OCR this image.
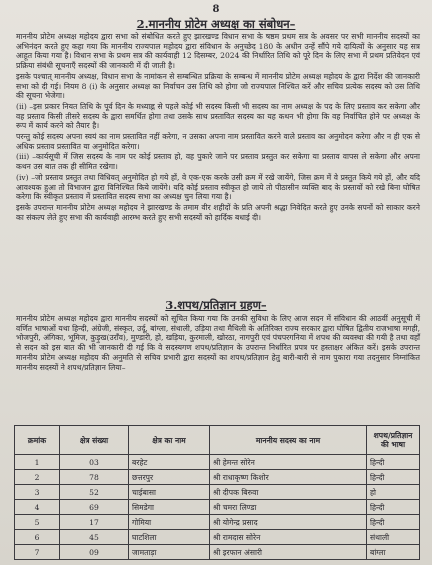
8
2.माननीय प्रोटेम अध्यक्ष का संबोधन–

माननीय प्रोटेम अध्यक्ष महोदय द्वारा सभा को संबोधित करते हुए झारखण्ड विधान सभा के षष्ठम प्रथम सत्र के अवसर पर सभी माननीय सदस्यों का अभिनंदन करते हुए कहा गया कि माननीय राज्यपाल महोदय द्वारा संविधान के अनुच्छेद 180 के अधीन उन्हें सौंपे गये दायित्वों के अनुसार यह सत्र आहूत किया गया है। विधान सभा के प्रथम सत्र की कार्यवाही 12 दिसम्बर, 2024 की निर्धारित तिथि को पूरे दिन के लिए सभा में प्रथम प्रतिवेदन एवं प्रक्रिया संबंधी सूचनाएँ सदस्यों की जानकारी में दी जाती है।

इसके पश्चात् माननीय अध्यक्ष, विधान सभा के नामांकन से सम्बन्धित प्रक्रिया के सम्बन्ध में माननीय प्रोटेम अध्यक्ष महोदय के द्वारा निर्देश की जानकारी सभा को दी गई। नियम 8 (i) के अनुसार अध्यक्ष का निर्वाचन उस तिथि को होगा जो राज्यपाल निश्चित करें और सचिव प्रत्येक सदस्य को उस तिथि की सूचना भेजेगा।

(ii) –इस प्रकार नियत तिथि के पूर्व दिन के मध्याह्न से पहले कोई भी सदस्य किसी भी सदस्य का नाम अध्यक्ष के पद के लिए प्रस्ताव कर सकेगा और वह प्रस्ताव किसी तीसरे सदस्य के द्वारा समर्थित होगा तथा उसके साथ प्रस्तावित सदस्य का यह कथन भी होगा कि वह निर्वाचित होने पर अध्यक्ष के रूप में कार्य करने को तैयार है।

परन्तु कोई सदस्य अपना स्वयं का नाम प्रस्तावित नहीं करेगा, न उसका अपना नाम प्रस्तावित करने वाले प्रस्ताव का अनुमोदन करेगा और न ही एक से अधिक प्रस्ताव प्रस्तावित या अनुमोदित करेगा।

(iii) –कार्यसूची में जिस सदस्य के नाम पर कोई प्रस्ताव हो, वह पुकारे जाने पर प्रस्ताव प्रस्तुत कर सकेगा या प्रस्ताव वापस ले सकेगा और अपना कथन उस बात तक ही सीमित रखेगा।

(iv) –जो प्रस्ताव प्रस्तुत तथा विधिवत् अनुमोदित हो गये हों, वे एक-एक करके उसी क्रम में रखे जायेंगे, जिस क्रम में वे प्रस्तुत किये गये हों, और यदि आवश्यक हुआ तो विभाजन द्वारा विनिश्चित किये जायेंगे। यदि कोई प्रस्ताव स्वीकृत हो जाये तो पीठासीन व्यक्ति बाद के प्रस्तावों को रखे बिना घोषित करेगा कि स्वीकृत प्रस्ताव में प्रस्तावित सदस्य सभा का अध्यक्ष चुन लिया गया है।

इसके उपरान्त माननीय प्रोटेम अध्यक्ष महोदय ने झारखण्ड के तमाम वीर शहीदों के प्रति अपनी श्रद्धा निवेदित करते हुए उनके सपनों को साकार करने का संकल्प लेते हुए सभा की कार्यवाही आरम्भ करते हुए सभी सदस्यों को हार्दिक बधाई दी।

3.शपथ/प्रतिज्ञान ग्रहण–

माननीय प्रोटेम अध्यक्ष महोदय द्वारा माननीय सदस्यों को सूचित किया गया कि उनकी सुविधा के लिए आज सदन में संविधान की आठवीं अनुसूची में वर्णित भाषाओं यथा हिन्दी, अंग्रेजी, संस्कृत, उर्दू, बांग्ला, संथाली, उड़िया तथा मैथिली के अतिरिक्त राज्य सरकार द्वारा घोषित द्वितीय राजभाषा मगही, भोजपुरी, अंगिका, भूमिज, कुड़ुख(उराँव), मुण्डारी, हो, खड़िया, कुरमाली, खोरठा, नागपुरी एवं पंचपरगनिया में शपथ की व्यवस्था की गयी है तथा वहाँ से सदन को इस बात की भी जानकारी दी गई कि वे सदस्यगण शपथ/प्रतिज्ञान के उपरान्त निर्धारित प्रपत्र पर हस्ताक्षर अंकित करें। इसके उपरान्त माननीय प्रोटेम अध्यक्ष महोदय की अनुमति से सचिव प्रभारी द्वारा सदस्यों का शपथ/प्रतिज्ञान हेतु बारी-बारी से नाम पुकारा गया तदनुसार निम्नांकित माननीय सदस्यों ने शपथ/प्रतिज्ञान लिया–

क्रमांक	क्षेत्र संख्या	क्षेत्र का नाम	माननीय सदस्य का नाम	शपथ/प्रतिज्ञान की भाषा
1	03	बरहेट	श्री हेमन्त सोरेन	हिन्दी
2	78	छत्तरपुर	श्री राधाकृष्ण किशोर	हिन्दी
3	52	चाईबासा	श्री दीपक बिरुवा	हो
4	69	सिमडेगा	श्री चमरा लिण्डा	हिन्दी
5	17	गोमिया	श्री योगेन्द्र प्रसाद	हिन्दी
6	45	घाटशिला	श्री रामदास सोरेन	संथाली
7	09	जामताड़ा	श्री इरफान अंसारी	बांग्ला
